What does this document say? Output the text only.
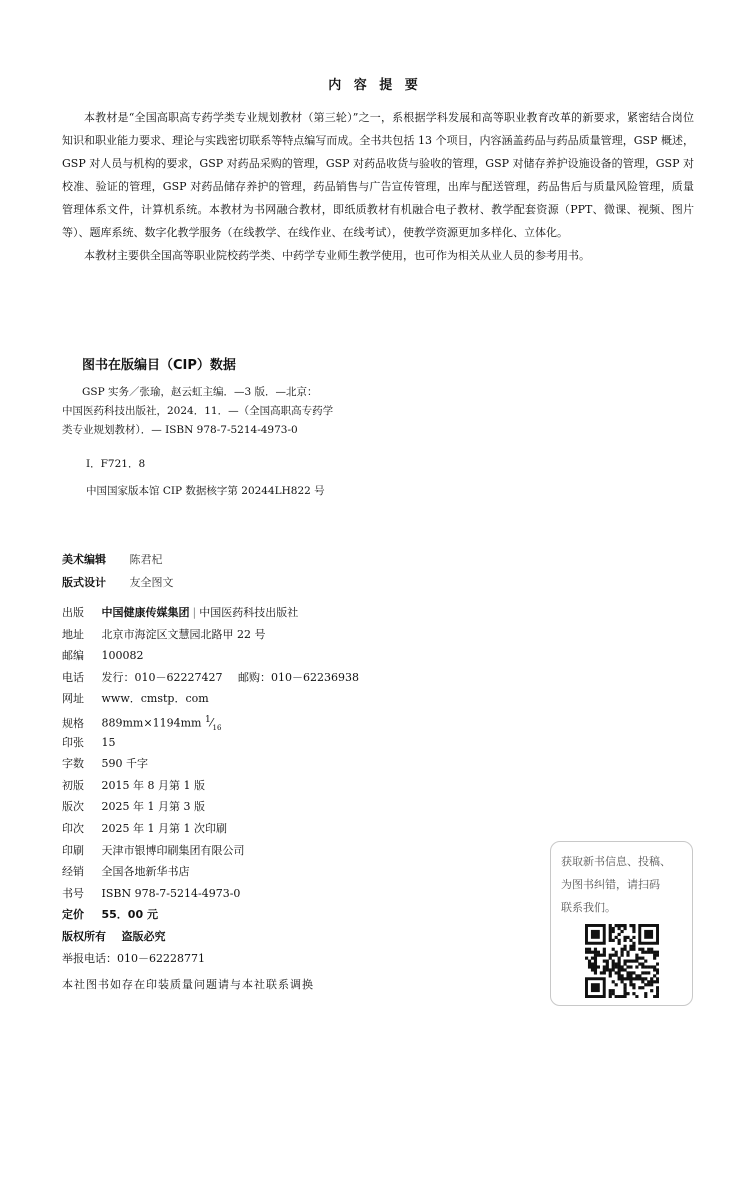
内 容 提 要

本教材是“全国高职高专药学类专业规划教材（第三轮）”之一，系根据学科发展和高等职业教育改革的新要求，紧密结合岗位知识和职业能力要求、理论与实践密切联系等特点编写而成。全书共包括 13 个项目，内容涵盖药品与药品质量管理，GSP 概述，GSP 对人员与机构的要求，GSP 对药品采购的管理，GSP 对药品收货与验收的管理，GSP 对储存养护设施设备的管理，GSP 对校准、验证的管理，GSP 对药品储存养护的管理，药品销售与广告宣传管理，出库与配送管理，药品售后与质量风险管理，质量管理体系文件，计算机系统。本教材为书网融合教材，即纸质教材有机融合电子教材、教学配套资源（PPT、微课、视频、图片等）、题库系统、数字化教学服务（在线教学、在线作业、在线考试），使教学资源更加多样化、立体化。

本教材主要供全国高等职业院校药学类、中药学专业师生教学使用，也可作为相关从业人员的参考用书。

图书在版编目（CIP）数据
GSP 实务／张瑜，赵云虹主编．—3 版．—北京：
中国医药科技出版社，2024．11．—（全国高职高专药学
类专业规划教材）．— ISBN 978-7-5214-4973-0
Ⅰ．F721．8
中国国家版本馆 CIP 数据核字第 20244LH822 号
美术编辑 陈君杞
版式设计 友全图文
出版 中国健康传媒集团 | 中国医药科技出版社
地址 北京市海淀区文慧园北路甲 22 号
邮编 100082
电话 发行：010－62227427 邮购：010－62236938
网址 www．cmstp．com
规格 889mm×1194mm $^1⁄_{16}$
印张 15
字数 590 千字
初版 2015 年 8 月第 1 版
版次 2025 年 1 月第 3 版
印次 2025 年 1 月第 1 次印刷
印刷 天津市银博印刷集团有限公司
经销 全国各地新华书店
书号 ISBN 978-7-5214-4973-0
定价 55．00 元
版权所有 盗版必究
举报电话：010－62228771
本社图书如存在印装质量问题请与本社联系调换
获取新书信息、投稿、
为图书纠错，请扫码
联系我们。
